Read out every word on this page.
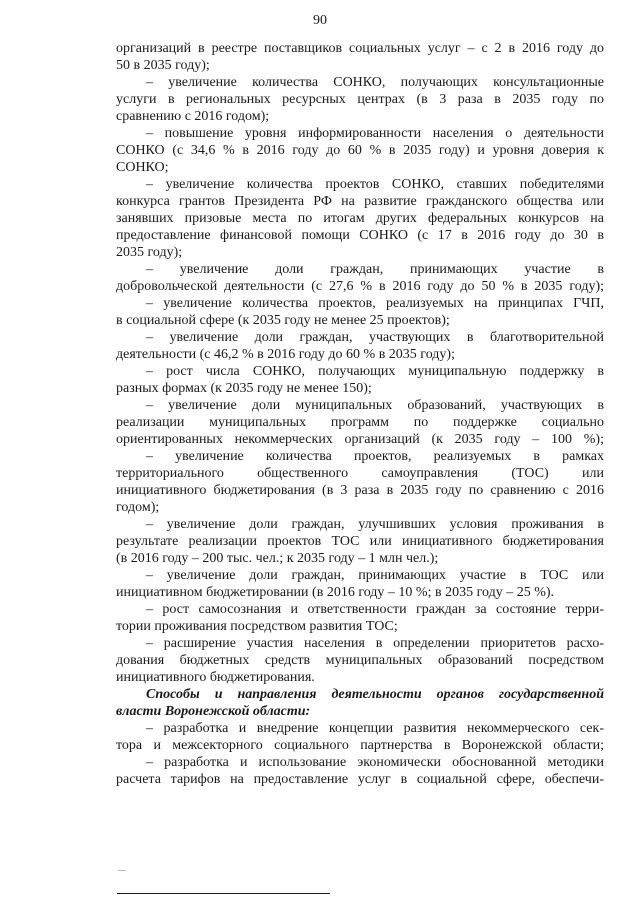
90
организаций в реестре поставщиков социальных услуг – с 2 в 2016 году до
50 в 2035 году);
– увеличение количества СОНКО, получающих консультационные
услуги в региональных ресурсных центрах (в 3 раза в 2035 году по
сравнению с 2016 годом);
– повышение уровня информированности населения о деятельности
СОНКО (с 34,6 % в 2016 году до 60 % в 2035 году) и уровня доверия к
СОНКО;
– увеличение количества проектов СОНКО, ставших победителями
конкурса грантов Президента РФ на развитие гражданского общества или
занявших призовые места по итогам других федеральных конкурсов на
предоставление финансовой помощи СОНКО (с 17 в 2016 году до 30 в
2035 году);
– увеличение доли граждан, принимающих участие в
добровольческой деятельности (с 27,6 % в 2016 году до 50 % в 2035 году);
– увеличение количества проектов, реализуемых на принципах ГЧП,
в социальной сфере (к 2035 году не менее 25 проектов);
– увеличение доли граждан, участвующих в благотворительной
деятельности (с 46,2 % в 2016 году до 60 % в 2035 году);
– рост числа СОНКО, получающих муниципальную поддержку в
разных формах (к 2035 году не менее 150);
– увеличение доли муниципальных образований, участвующих в
реализации муниципальных программ по поддержке социально
ориентированных некоммерческих организаций (к 2035 году – 100 %);
– увеличение количества проектов, реализуемых в рамках
территориального общественного самоуправления (ТОС) или
инициативного бюджетирования (в 3 раза в 2035 году по сравнению с 2016
годом);
– увеличение доли граждан, улучшивших условия проживания в
результате реализации проектов ТОС или инициативного бюджетирования
(в 2016 году – 200 тыс. чел.; к 2035 году – 1 млн чел.);
– увеличение доли граждан, принимающих участие в ТОС или
инициативном бюджетировании (в 2016 году – 10 %; в 2035 году – 25 %).
– рост самосознания и ответственности граждан за состояние терри-
тории проживания посредством развития ТОС;
– расширение участия населения в определении приоритетов расхо-
дования бюджетных средств муниципальных образований посредством
инициативного бюджетирования.
Способы и направления деятельности органов государственной
власти Воронежской области:
– разработка и внедрение концепции развития некоммерческого сек-
тора и межсекторного социального партнерства в Воронежской области;
– разработка и использование экономически обоснованной методики
расчета тарифов на предоставление услуг в социальной сфере, обеспечи-
